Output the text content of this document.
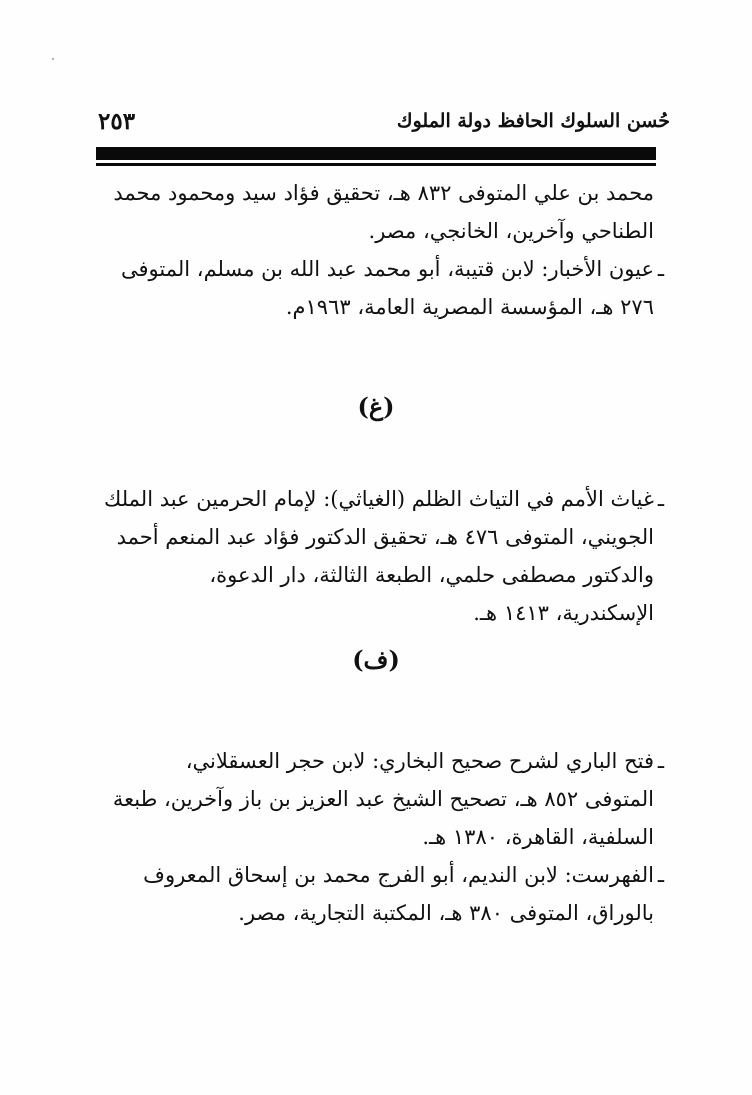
حُسن السلوك الحافظ دولة الملوك
٢٥٣

محمد بن علي المتوفى ٨٣٢ هـ، تحقيق فؤاد سيد ومحمود محمد

الطناحي وآخرين، الخانجي، مصر.

ـ

عيون الأخبار: لابن قتيبة، أبو محمد عبد الله بن مسلم، المتوفى

٢٧٦ هـ، المؤسسة المصرية العامة، ١٩٦٣م.

(غ)
ـ

غياث الأمم في التياث الظلم (الغياثي): لإمام الحرمين عبد الملك

الجويني، المتوفى ٤٧٦ هـ، تحقيق الدكتور فؤاد عبد المنعم أحمد

والدكتور مصطفى حلمي، الطبعة الثالثة، دار الدعوة،

الإسكندرية، ١٤١٣ هـ.

(ف)
ـ

فتح الباري لشرح صحيح البخاري: لابن حجر العسقلاني،

المتوفى ٨٥٢ هـ، تصحيح الشيخ عبد العزيز بن باز وآخرين، طبعة

السلفية، القاهرة، ١٣٨٠ هـ.

ـ

الفهرست: لابن النديم، أبو الفرج محمد بن إسحاق المعروف

بالوراق، المتوفى ٣٨٠ هـ، المكتبة التجارية، مصر.
